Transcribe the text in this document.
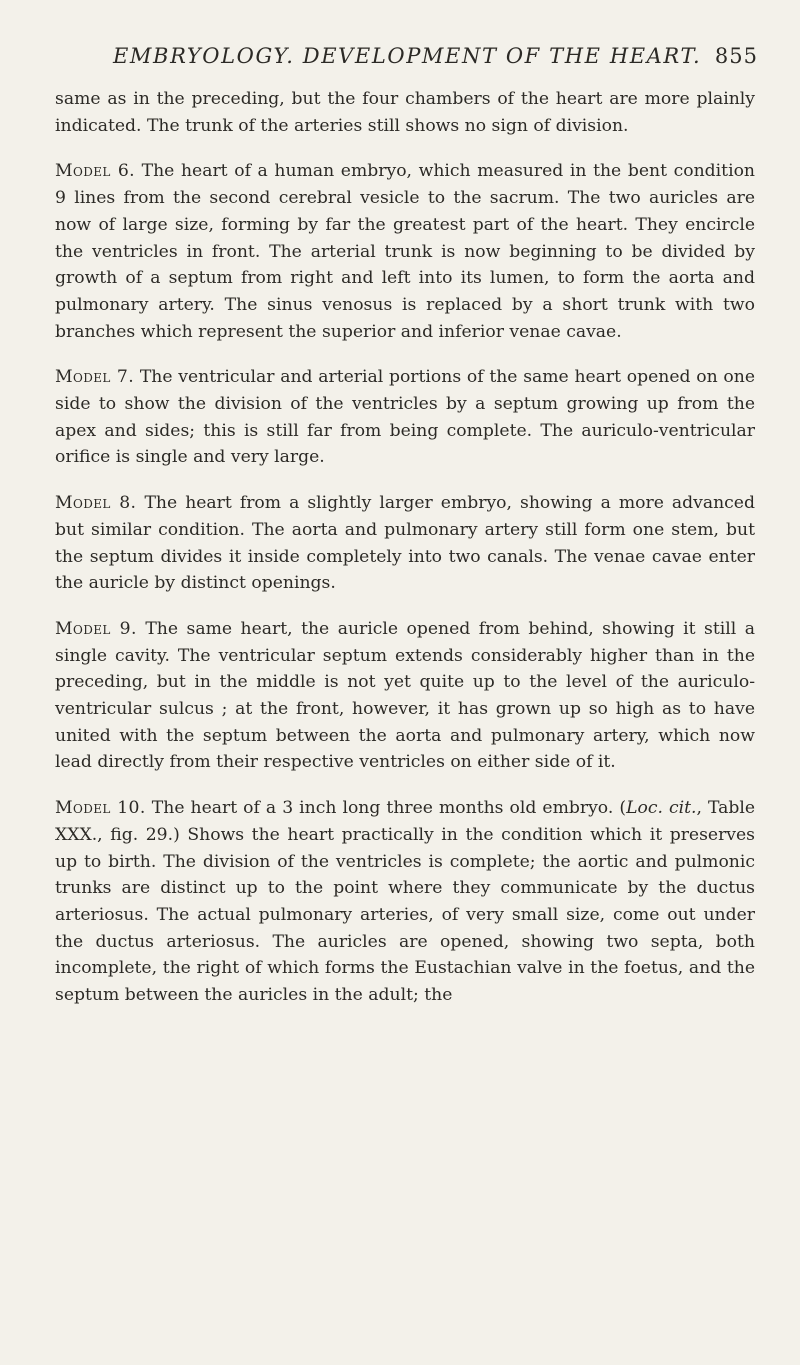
EMBRYOLOGY. DEVELOPMENT OF THE HEART. 855

same as in the preceding, but the four chambers of the heart are more plainly indicated. The trunk of the arteries still shows no sign of division.

Model 6. The heart of a human embryo, which measured in the bent condition 9 lines from the second cerebral vesicle to the sacrum. The two auricles are now of large size, forming by far the greatest part of the heart. They encircle the ventricles in front. The arterial trunk is now beginning to be divided by growth of a septum from right and left into its lumen, to form the aorta and pulmonary artery. The sinus venosus is replaced by a short trunk with two branches which represent the superior and inferior venae cavae.

Model 7. The ventricular and arterial portions of the same heart opened on one side to show the division of the ventricles by a septum growing up from the apex and sides; this is still far from being complete. The auriculo-ventricular orifice is single and very large.

Model 8. The heart from a slightly larger embryo, showing a more advanced but similar condition. The aorta and pulmonary artery still form one stem, but the septum divides it inside completely into two canals. The venae cavae enter the auricle by distinct openings.

Model 9. The same heart, the auricle opened from behind, showing it still a single cavity. The ventricular septum extends considerably higher than in the preceding, but in the middle is not yet quite up to the level of the auriculo-ventricular sulcus ; at the front, however, it has grown up so high as to have united with the septum between the aorta and pulmonary artery, which now lead directly from their respective ventricles on either side of it.

Model 10. The heart of a 3 inch long three months old embryo. (Loc. cit., Table XXX., fig. 29.) Shows the heart practically in the condition which it preserves up to birth. The division of the ventricles is complete; the aortic and pulmonic trunks are distinct up to the point where they communicate by the ductus arteriosus. The actual pulmonary arteries, of very small size, come out under the ductus arteriosus. The auricles are opened, showing two septa, both incomplete, the right of which forms the Eustachian valve in the foetus, and the septum between the auricles in the adult; the
